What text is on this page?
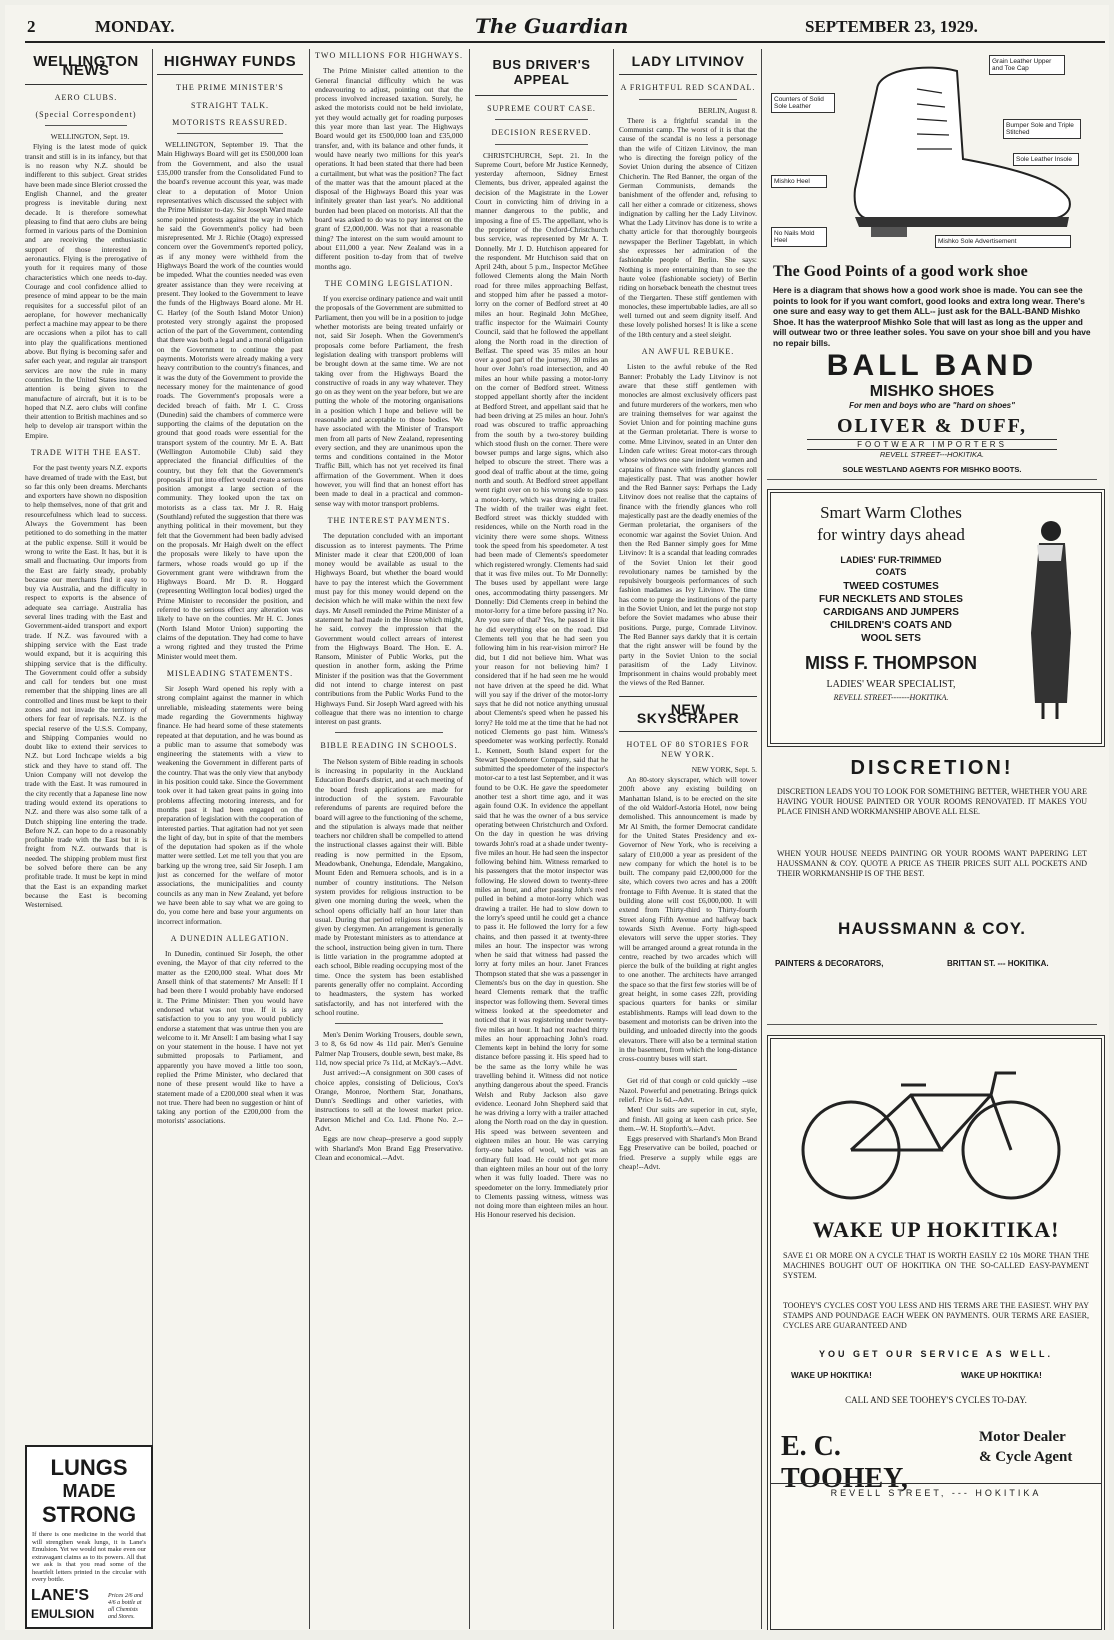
2	MONDAY.	The Guardian	SEPTEMBER 23, 1929.
WELLINGTON NEWS
AERO CLUBS.
(Special Correspondent)

WELLINGTON, Sept. 19.

Flying is the latest mode of quick transit and still is in its infancy, but that is no reason why N.Z. should be indifferent to this subject. Great strides have been made since Bleriot crossed the English Channel, and the greater progress is inevitable during next decade. It is therefore somewhat pleasing to find that aero clubs are being formed in various parts of the Dominion and are receiving the enthusiastic support of those interested in aeronautics. Flying is the prerogative of youth for it requires many of those characteristics which one needs to-day. Courage and cool confidence allied to presence of mind appear to be the main requisites for a successful pilot of an aeroplane, for however mechanically perfect a machine may appear to be there are occasions when a pilot has to call into play the qualifications mentioned above. But flying is becoming safer and safer each year, and regular air transport services are now the rule in many countries. In the United States increased attention is being given to the manufacture of aircraft, but it is to be hoped that N.Z. aero clubs will confine their attention to British machines and so help to develop air transport within the Empire.

TRADE WITH THE EAST.

For the past twenty years N.Z. exports have dreamed of trade with the East, but so far this only been dreams. Merchants and exporters have shown no disposition to help themselves, none of that grit and resourcefulness which lead to success. Always the Government has been petitioned to do something in the matter at the public expense. Still it would be wrong to write the East. It has, but it is small and fluctuating. Our imports from the East are fairly steady, probably because our merchants find it easy to buy via Australia, and the difficulty in respect to exports is the absence of adequate sea carriage. Australia has several lines trading with the East and Government-aided transport and export trade. If N.Z. was favoured with a shipping service with the East trade would expand, but it is acquiring this shipping service that is the difficulty. The Government could offer a subsidy and call for tenders but one must remember that the shipping lines are all controlled and lines must be kept to their zones and not invade the territory of others for fear of reprisals. N.Z. is the special reserve of the U.S.S. Company, and Shipping Companies would no doubt like to extend their services to N.Z. but Lord Inchcape wields a big stick and they have to stand off. The Union Company will not develop the trade with the East. It was rumoured in the city recently that a Japanese line now trading would extend its operations to N.Z. and there was also some talk of a Dutch shipping line entering the trade. Before N.Z. can hope to do a reasonably profitable trade with the East but it is freight from N.Z. outwards that is needed. The shipping problem must first be solved before there can be any profitable trade. It must be kept in mind that the East is an expanding market because the East is becoming Westernised.

LUNGS
MADE
STRONG
If there is one medicine in the world that will strengthen weak lungs, it is Lane's Emulsion. Yet we would not make even our extravagant claims as to its powers. All that we ask is that you read some of the heartfelt letters printed in the circular with every bottle.
LANE'S
EMULSION
Prices 2/6 and 4/6 a bottle at all Chemists and Stores.
HIGHWAY FUNDS
THE PRIME MINISTER'S
STRAIGHT TALK.
MOTORISTS REASSURED.

WELLINGTON, September 19. That the Main Highways Board will get its £500,000 loan from the Government, and also the usual £35,000 transfer from the Consolidated Fund to the board's revenue account this year, was made clear to a deputation of Motor Union representatives which discussed the subject with the Prime Minister to-day. Sir Joseph Ward made some pointed protests against the way in which he said the Government's policy had been misrepresented. Mr J. Richie (Otago) expressed concern over the Government's reported policy, as if any money were withheld from the Highways Board the work of the counties would be impeded. What the counties needed was even greater assistance than they were receiving at present. They looked to the Government to leave the funds of the Highways Board alone. Mr H. C. Harley (of the South Island Motor Union) protested very strongly against the proposed action of the part of the Government, contending that there was both a legal and a moral obligation on the Government to continue the past payments. Motorists were already making a very heavy contribution to the country's finances, and it was the duty of the Government to provide the necessary money for the maintenance of good roads. The Government's proposals were a decided breach of faith. Mr I. C. Cross (Dunedin) said the chambers of commerce were supporting the claims of the deputation on the ground that good roads were essential for the transport system of the country. Mr E. A. Batt (Wellington Automobile Club) said they appreciated the financial difficulties of the country, but they felt that the Government's proposals if put into effect would create a serious position amongst a large section of the community. They looked upon the tax on motorists as a class tax. Mr J. R. Haig (Southland) refuted the suggestion that there was anything political in their movement, but they felt that the Government had been badly advised on the proposals. Mr Haigh dwelt on the effect the proposals were likely to have upon the farmers, whose roads would go up if the Government grant were withdrawn from the Highways Board. Mr D. R. Hoggard (representing Wellington local bodies) urged the Prime Minister to reconsider the position, and referred to the serious effect any alteration was likely to have on the counties. Mr H. C. Jones (North Island Motor Union) supporting the claims of the deputation. They had come to have a wrong righted and they trusted the Prime Minister would meet them.

MISLEADING STATEMENTS.

Sir Joseph Ward opened his reply with a strong complaint against the manner in which unreliable, misleading statements were being made regarding the Governments highway finance. He had heard some of these statements repeated at that deputation, and he was bound as a public man to assume that somebody was engineering the statements with a view to weakening the Government in different parts of the country. That was the only view that anybody in his position could take. Since the Government took over it had taken great pains in going into problems affecting motoring interests, and for months past it had been engaged on the preparation of legislation with the cooperation of interested parties. That agitation had not yet seen the light of day, but in spite of that the members of the deputation had spoken as if the whole matter were settled. Let me tell you that you are barking up the wrong tree, said Sir Joseph. I am just as concerned for the welfare of motor associations, the municipalities and county councils as any man in New Zealand, yet before we have been able to say what we are going to do, you come here and base your arguments on incorrect information.

A DUNEDIN ALLEGATION.

In Dunedin, continued Sir Joseph, the other evening, the Mayor of that city referred to the matter as the £200,000 steal. What does Mr Ansell think of that statements? Mr Ansell: If I had been there I would probably have endorsed it. The Prime Minister: Then you would have endorsed what was not true. If it is any satisfaction to you to any you would publicly endorse a statement that was untrue then you are welcome to it. Mr Ansell: I am basing what I say on your statement in the house. I have not yet submitted proposals to Parliament, and apparently you have moved a little too soon, replied the Prime Minister, who declared that none of these present would like to have a statement made of a £200,000 steal when it was not true. There had been no suggestion or hint of taking any portion of the £200,000 from the motorists' associations.

TWO MILLIONS FOR HIGHWAYS.

The Prime Minister called attention to the General financial difficulty which he was endeavouring to adjust, pointing out that the process involved increased taxation. Surely, he asked the motorists could not be held inviolate, yet they would actually get for roading purposes this year more than last year. The Highways Board would get its £500,000 loan and £35,000 transfer, and, with its balance and other funds, it would have nearly two millions for this year's operations. It had been stated that there had been a curtailment, but what was the position? The fact of the matter was that the amount placed at the disposal of the Highways Board this year was infinitely greater than last year's. No additional burden had been placed on motorists. All that the board was asked to do was to pay interest on the grant of £2,000,000. Was not that a reasonable thing? The interest on the sum would amount to about £11,000 a year. New Zealand was in a different position to-day from that of twelve months ago.

THE COMING LEGISLATION.

If you exercise ordinary patience and wait until the proposals of the Government are submitted to Parliament, then you will be in a position to judge whether motorists are being treated unfairly or not, said Sir Joseph. When the Government's proposals come before Parliament, the fresh legislation dealing with transport problems will be brought down at the same time. We are not taking over from the Highways Board the constructive of roads in any way whatever. They go on as they went on the year before, but we are putting the whole of the motoring organisations in a position which I hope and believe will be reasonable and acceptable to those bodies. We have associated with the Minister of Transport men from all parts of New Zealand, representing every section, and they are unanimous upon the terms and conditions contained in the Motor Traffic Bill, which has not yet received its final affirmation of the Government. When it does however, you will find that an honest effort has been made to deal in a practical and common-sense way with motor transport problems.

THE INTEREST PAYMENTS.

The deputation concluded with an important discussion as to interest payments. The Prime Minister made it clear that £200,000 of loan money would be available as usual to the Highways Board, but whether the board would have to pay the interest which the Government must pay for this money would depend on the decision which he will make within the next few days. Mr Ansell reminded the Prime Minister of a statement he had made in the House which might, he said, convey the impression that the Government would collect arrears of interest from the Highways Board. The Hon. E. A. Ransom, Minister of Public Works, put the question in another form, asking the Prime Minister if the position was that the Government did not intend to charge interest on past contributions from the Public Works Fund to the Highways Fund. Sir Joseph Ward agreed with his colleague that there was no intention to charge interest on past grants.

BIBLE READING IN SCHOOLS.

The Nelson system of Bible reading in schools is increasing in popularity in the Auckland Education Board's district, and at each meeting of the board fresh applications are made for introduction of the system. Favourable referendums of parents are required before the board will agree to the functioning of the scheme, and the stipulation is always made that neither teachers nor children shall be compelled to attend the instructional classes against their will. Bible reading is now permitted in the Epsom, Meadowbank, Onehunga, Edendale, Mangakino, Mount Eden and Remuera schools, and is in a number of country institutions. The Nelson system provides for religious instruction to be given one morning during the week, when the school opens officially half an hour later than usual. During that period religious instruction is given by clergymen. An arrangement is generally made by Protestant ministers as to attendance at the school, instruction being given in turn. There is little variation in the programme adopted at each school, Bible reading occupying most of the time. Once the system has been established parents generally offer no complaint. According to headmasters, the system has worked satisfactorily, and has not interfered with the school routine.

Men's Denim Working Trousers, double sewn, 3 to 8, 6s 6d now 4s 11d pair. Men's Genuine Palmer Nap Trousers, double sewn, best make, 8s 11d, now special price 7s 11d, at McKay's.--Advt.

Just arrived:--A consignment on 300 cases of choice apples, consisting of Delicious, Cox's Orange, Monroe, Northern Star, Jonathans, Dunn's Seedlings and other varieties, with instructions to sell at the lowest market price. Paterson Michel and Co. Ltd. Phone No. 2.--Advt.

Eggs are now cheap--preserve a good supply with Sharland's Mon Brand Egg Preservative. Clean and economical.--Advt.

BUS DRIVER'S APPEAL
SUPREME COURT CASE.
DECISION RESERVED.

CHRISTCHURCH, Sept. 21. In the Supreme Court, before Mr Justice Kennedy, yesterday afternoon, Sidney Ernest Clements, bus driver, appealed against the decision of the Magistrate in the Lower Court in convicting him of driving in a manner dangerous to the public, and imposing a fine of £5. The appellant, who is the proprietor of the Oxford-Christchurch bus service, was represented by Mr A. T. Donnelly. Mr J. D. Hutchison appeared for the respondent. Mr Hutchison said that on April 24th, about 5 p.m., Inspector McGhee followed Clements along the Main North road for three miles approaching Belfast, and stopped him after he passed a motor-lorry on the corner of Bedford street at 40 miles an hour. Reginald John McGhee, traffic inspector for the Waimairi County Council, said that he followed the appellant along the North road in the direction of Belfast. The speed was 35 miles an hour over a good part of the journey, 30 miles an hour over John's road intersection, and 40 miles an hour while passing a motor-lorry on the corner of Bedford street. Witness stopped appellant shortly after the incident at Bedford Street, and appellant said that he had been driving at 25 miles an hour. John's road was obscured to traffic approaching from the south by a two-storey building which stood flush on the corner. There were bowser pumps and large signs, which also helped to obscure the street. There was a good deal of traffic about at the time, going north and south. At Bedford street appellant went right over on to his wrong side to pass a motor-lorry, which was drawing a trailer. The width of the trailer was eight feet. Bedford street was thickly studded with residences, while on the North road in the vicinity there were some shops. Witness took the speed from his speedometer. A test had been made of Clements's speedometer which registered wrongly. Clements had said that it was five miles out. To Mr Donnelly: The buses used by appellant were large ones, accommodating thirty passengers. Mr Donnelly: Did Clements creep in behind the motor-lorry for a time before passing it? No. Are you sure of that? Yes, he passed it like he did everything else on the road. Did Clements tell you that he had seen you following him in his rear-vision mirror? He did, but I did not believe him. What was your reason for not believing him? I considered that if he had seen me he would not have driven at the speed he did. What will you say if the driver of the motor-lorry says that he did not notice anything unusual about Clements's speed when he passed his lorry? He told me at the time that he had not noticed Clements go past him. Witness's speedometer was working perfectly. Ronald L. Kennett, South Island expert for the Stewart Speedometer Company, said that he submitted the speedometer of the inspector's motor-car to a test last September, and it was found to be O.K. He gave the speedometer another test a short time ago, and it was again found O.K. In evidence the appellant said that he was the owner of a bus service operating between Christchurch and Oxford. On the day in question he was driving towards John's road at a shade under twenty-five miles an hour. He had seen the inspector following behind him. Witness remarked to his passengers that the motor inspector was following. He slowed down to twenty-three miles an hour, and after passing John's reed pulled in behind a motor-lorry which was drawing a trailer. He had to slow down to the lorry's speed until he could get a chance to pass it. He followed the lorry for a few chains, and then passed it at twenty-three miles an hour. The inspector was wrong when he said that witness had passed the lorry at forty miles an hour. Janet Frances Thompson stated that she was a passenger in Clements's bus on the day in question. She heard Clements remark that the traffic inspector was following them. Several times witness looked at the speedometer and noticed that it was registering under twenty-five miles an hour. It had not reached thirty miles an hour approaching John's road. Clements kept in behind the lorry for some distance before passing it. His speed had to be the same as the lorry while he was travelling behind it. Witness did not notice anything dangerous about the speed. Francis Welsh and Ruby Jackson also gave evidence. Leonard John Shepherd said that he was driving a lorry with a trailer attached along the North road on the day in question. His speed was between seventeen and eighteen miles an hour. He was carrying forty-one bales of wool, which was an ordinary full load. He could not get more than eighteen miles an hour out of the lorry when it was fully loaded. There was no speedometer on the lorry. Immediately prior to Clements passing witness, witness was not doing more than eighteen miles an hour. His Honour reserved his decision.

LADY LITVINOV
A FRIGHTFUL RED SCANDAL.

BERLIN, August 8.

There is a frightful scandal in the Communist camp. The worst of it is that the cause of the scandal is no less a personage than the wife of Citizen Litvinov, the man who is directing the foreign policy of the Soviet Union during the absence of Citizen Chicherin. The Red Banner, the organ of the German Communists, demands the banishment of the offender and, refusing to call her either a comrade or citizeness, shows indignation by calling her the Lady Litvinov. What the Lady Litvinov has done is to write a chatty article for that thoroughly bourgeois newspaper the Berliner Tageblatt, in which she expresses her admiration of the fashionable people of Berlin. She says: Nothing is more entertaining than to see the haute volee (fashionable society) of Berlin riding on horseback beneath the chestnut trees of the Tiergarten. These stiff gentlemen with monocles, these impertubable ladies, are all so well turned out and seem dignity itself. And these lovely polished horses! It is like a scene of the 18th century and a steel sleight.

AN AWFUL REBUKE.

Listen to the awful rebuke of the Red Banner: Probably the Lady Litvinov is not aware that these stiff gentlemen with monocles are almost exclusively officers past and future murderers of the workers, men who are training themselves for war against the Soviet Union and for pointing machine guns at the German proletariat. There is worse to come. Mme Litvinov, seated in an Unter den Linden cafe writes: Great motor-cars through whose windows one saw indolent women and captains of finance with friendly glances roll majestically past. That was another howler and the Red Banner says: Perhaps the Lady Litvinov does not realise that the captains of finance with the friendly glances who roll majestically past are the deadly enemies of the German proletariat, the organisers of the economic war against the Soviet Union. And then the Red Banner simply goes for Mme Litvinov: It is a scandal that leading comrades of the Soviet Union let their good revolutionary names be tarnished by the repulsively bourgeois performances of such fashion madames as Ivy Litvinov. The time has come to purge the institutions of the party in the Soviet Union, and let the purge not stop before the Soviet madames who abuse their positions. Purge, purge, Comrade Litvinov. The Red Banner says darkly that it is certain that the right answer will be found by the party in the Soviet Union to the social parasitism of the Lady Litvinov. Imprisonment in chains would probably meet the views of the Red Banner.

NEW SKYSCRAPER
HOTEL OF 80 STORIES FOR NEW YORK.

NEW YORK, Sept. 5.

An 80-story skyscraper, which will tower 200ft above any existing building on Manhattan Island, is to be erected on the site of the old Waldorf-Astoria Hotel, now being demolished. This announcement is made by Mr Al Smith, the former Democrat candidate for the United States Presidency and ex-Governor of New York, who is receiving a salary of £10,000 a year as president of the new company for which the hotel is to be built. The company paid £2,000,000 for the site, which covers two acres and has a 200ft frontage to Fifth Avenue. It is stated that the building alone will cost £6,000,000. It will extend from Thirty-third to Thirty-fourth Street along Fifth Avenue and halfway back towards Sixth Avenue. Forty high-speed elevators will serve the upper stories. They will be arranged around a great rotunda in the centre, reached by two arcades which will pierce the bulk of the building at right angles to one another. The architects have arranged the space so that the first few stories will be of great height, in some cases 22ft, providing spacious quarters for banks or similar establishments. Ramps will lead down to the basement and motorists can be driven into the building, and unloaded directly into the goods elevators. There will also be a terminal station in the basement, from which the long-distance cross-country buses will start.

Get rid of that cough or cold quickly --use Nazol. Powerful and penetrating. Brings quick relief. Price 1s 6d.--Advt.

Men! Our suits are superior in cut, style, and finish. All going at keen cash price. See them.--W. H. Stopforth's.--Advt.

Eggs preserved with Sharland's Mon Brand Egg Preservative can be boiled, poached or fried. Preserve a supply while eggs are cheap!--Advt.

Grain Leather Upper and Toe Cap
Counters of Solid Sole Leather
Bumper Sole and Triple Stitched
Sole Leather Insole
Mishko Heel
No Nails Mold Heel	Mishko Sole Advertisement
The Good Points of a good work shoe
Here is a diagram that shows how a good work shoe is made. You can see the points to look for if you want comfort, good looks and extra long wear. There's one sure and easy way to get them ALL-- just ask for the BALL-BAND Mishko Shoe. It has the waterproof Mishko Sole that will last as long as the upper and will outwear two or three leather soles. You save on your shoe bill and you have no repair bills.
BALL BAND
MISHKO SHOES
For men and boys who are "hard on shoes"
OLIVER & DUFF,
FOOTWEAR IMPORTERS
REVELL STREET---HOKITIKA.
SOLE WESTLAND AGENTS FOR MISHKO BOOTS.
Smart Warm Clothes
for wintry days ahead
LADIES' FUR-TRIMMED
COATS
TWEED COSTUMES
FUR NECKLETS AND STOLES
CARDIGANS AND JUMPERS
CHILDREN'S COATS AND
WOOL SETS
MISS F. THOMPSON
LADIES' WEAR SPECIALIST,
REVELL STREET-------HOKITIKA.
DISCRETION!
DISCRETION LEADS YOU TO LOOK FOR SOMETHING BETTER, WHETHER YOU ARE HAVING YOUR HOUSE PAINTED OR YOUR ROOMS RENOVATED. IT MAKES YOU PLACE FINISH AND WORKMANSHIP ABOVE ALL ELSE.
WHEN YOUR HOUSE NEEDS PAINTING OR YOUR ROOMS WANT PAPERING LET HAUSSMANN & COY. QUOTE A PRICE AS THEIR PRICES SUIT ALL POCKETS AND THEIR WORKMANSHIP IS OF THE BEST.
HAUSSMANN & COY.
PAINTERS & DECORATORS,	BRITTAN ST. --- HOKITIKA.
WAKE UP HOKITIKA!
SAVE £1 OR MORE ON A CYCLE THAT IS WORTH EASILY £2 10s MORE THAN THE MACHINES BOUGHT OUT OF HOKITIKA ON THE SO-CALLED EASY-PAYMENT SYSTEM.
TOOHEY'S CYCLES COST YOU LESS AND HIS TERMS ARE THE EASIEST. WHY PAY STAMPS AND POUNDAGE EACH WEEK ON PAYMENTS. OUR TERMS ARE EASIER, CYCLES ARE GUARANTEED AND
YOU GET OUR SERVICE AS WELL.
WAKE UP HOKITIKA!	WAKE UP HOKITIKA!
CALL AND SEE TOOHEY'S CYCLES TO-DAY.
E. C. TOOHEY,
Motor Dealer
& Cycle Agent
REVELL STREET, --- HOKITIKA
